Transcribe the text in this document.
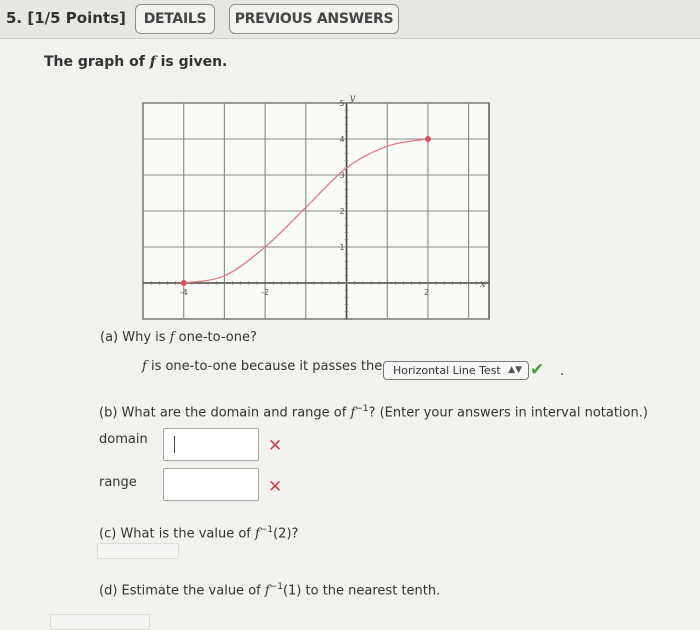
5. [1/5 Points]	DETAILS	PREVIOUS ANSWERS
The graph of f is given.
x
y
-4	-2	2
1
2
3
4
5
(a) Why is f one-to-one?
f is one-to-one because it passes the Horizontal Line Test ▲▼ ✔ .
(b) What are the domain and range of $f^{-1}$? (Enter your answers in interval notation.)
domain	✕
range	✕
(c) What is the value of $f^{-1}(2)$?
(d) Estimate the value of $f^{-1}(1)$ to the nearest tenth.
